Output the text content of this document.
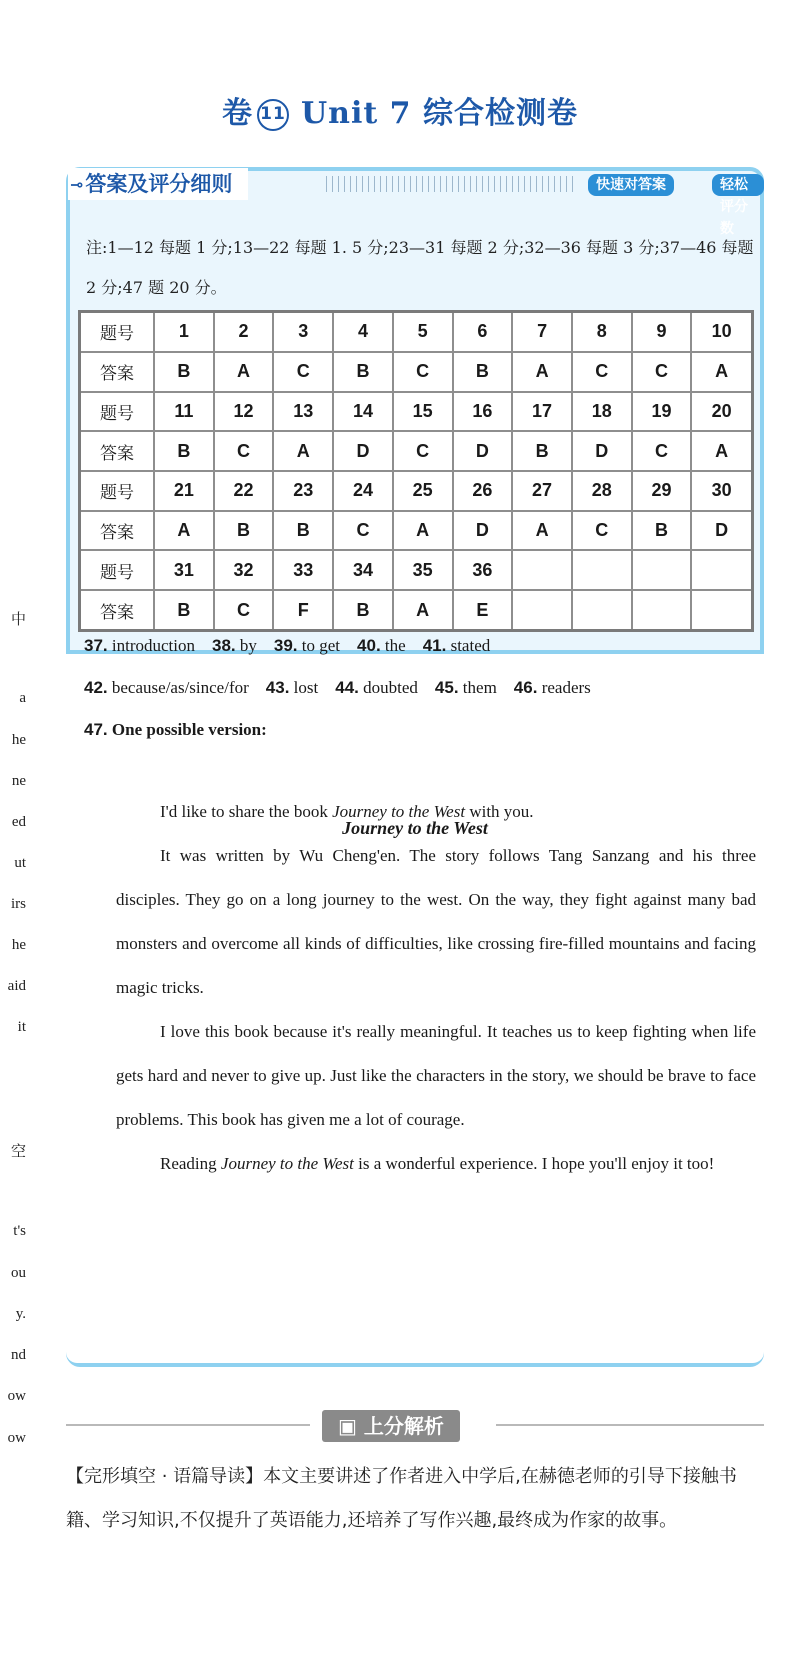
中
a
he
ne
ed
ut
irs
he
aid
it
空
t's
ou
y.
nd
ow
ow
卷 11 Unit 7 综合检测卷
⊸答案及评分细则	快速对答案	轻松评分数
注:1—12 每题 1 分;13—22 每题 1. 5 分;23—31 每题 2 分;32—36 每题 3 分;37—46 每题 2 分;47 题 20 分。
题号	1	2	3	4	5	6	7	8	9	10
答案	B	A	C	B	C	B	A	C	C	A
题号	11	12	13	14	15	16	17	18	19	20
答案	B	C	A	D	C	D	B	D	C	A
题号	21	22	23	24	25	26	27	28	29	30
答案	A	B	B	C	A	D	A	C	B	D
题号	31	32	33	34	35	36				
答案	B	C	F	B	A	E				
37. introduction 38. by 39. to get 40. the 41. stated
42. because/as/since/for 43. lost 44. doubted 45. them 46. readers
47. One possible version:
Journey to the West

I'd like to share the book Journey to the West with you.

It was written by Wu Cheng'en. The story follows Tang Sanzang and his three disciples. They go on a long journey to the west. On the way, they fight against many bad monsters and overcome all kinds of difficulties, like crossing fire-filled mountains and facing magic tricks.

I love this book because it's really meaningful. It teaches us to keep fighting when life gets hard and never to give up. Just like the characters in the story, we should be brave to face problems. This book has given me a lot of courage.

Reading Journey to the West is a wonderful experience. I hope you'll enjoy it too!

▣ 上分解析
【完形填空 · 语篇导读】本文主要讲述了作者进入中学后,在赫德老师的引导下接触书籍、学习知识,不仅提升了英语能力,还培养了写作兴趣,最终成为作家的故事。
